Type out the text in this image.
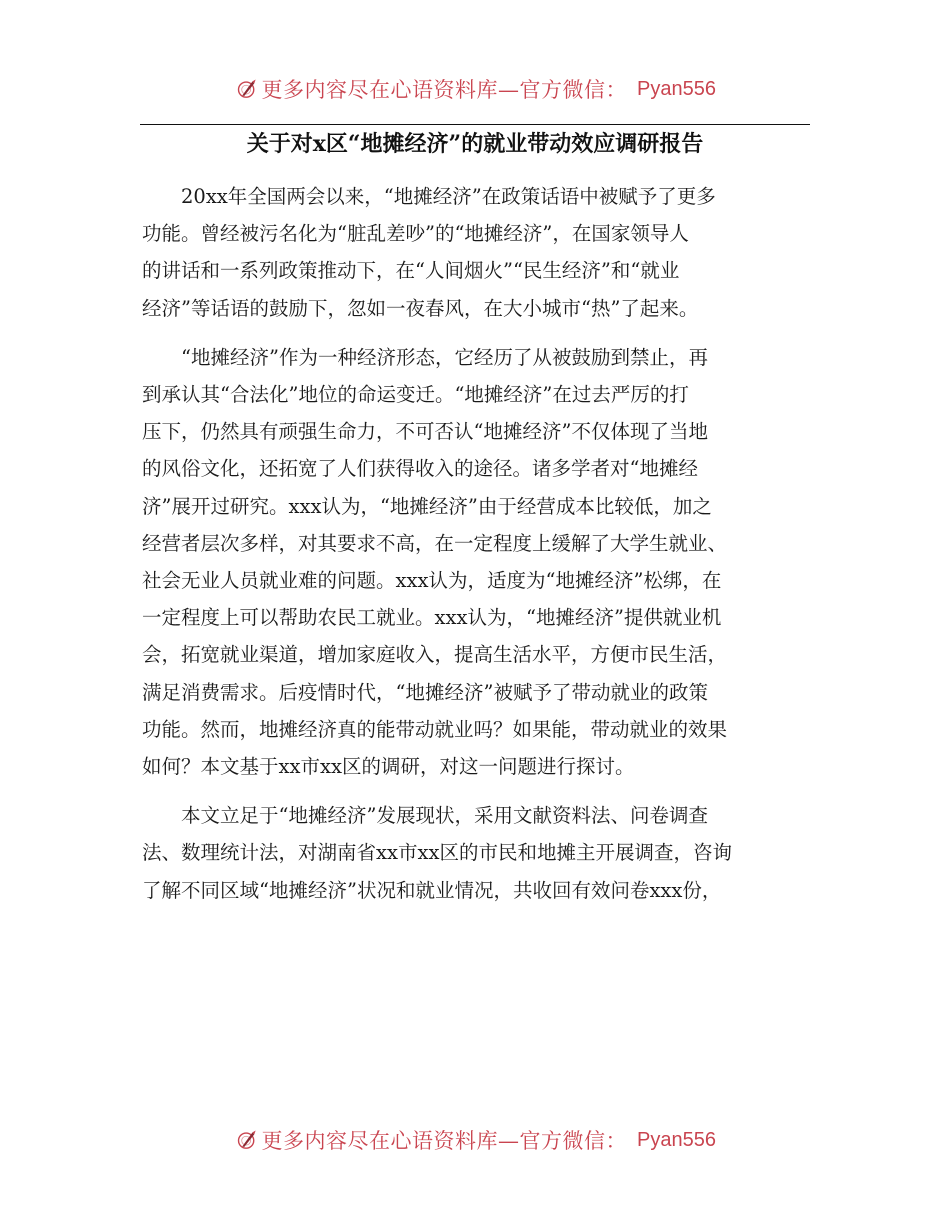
更多内容尽在心语资料库—官方微信： Pyan556
关于对x区“地摊经济”的就业带动效应调研报告

　　20xx年全国两会以来，“地摊经济”在政策话语中被赋予了更多
功能。曾经被污名化为“脏乱差吵”的“地摊经济”，在国家领导人
的讲话和一系列政策推动下，在“人间烟火”“民生经济”和“就业
经济”等话语的鼓励下，忽如一夜春风，在大小城市“热”了起来。

　　“地摊经济”作为一种经济形态，它经历了从被鼓励到禁止，再
到承认其“合法化”地位的命运变迁。“地摊经济”在过去严厉的打
压下，仍然具有顽强生命力，不可否认“地摊经济”不仅体现了当地
的风俗文化，还拓宽了人们获得收入的途径。诸多学者对“地摊经
济”展开过研究。xxx认为，“地摊经济”由于经营成本比较低，加之
经营者层次多样，对其要求不高，在一定程度上缓解了大学生就业、
社会无业人员就业难的问题。xxx认为，适度为“地摊经济”松绑，在
一定程度上可以帮助农民工就业。xxx认为，“地摊经济”提供就业机
会，拓宽就业渠道，增加家庭收入，提高生活水平，方便市民生活，
满足消费需求。后疫情时代，“地摊经济”被赋予了带动就业的政策
功能。然而，地摊经济真的能带动就业吗？如果能，带动就业的效果
如何？本文基于xx市xx区的调研，对这一问题进行探讨。

　　本文立足于“地摊经济”发展现状，采用文献资料法、问卷调查
法、数理统计法，对湖南省xx市xx区的市民和地摊主开展调查，咨询
了解不同区域“地摊经济”状况和就业情况，共收回有效问卷xxx份，

更多内容尽在心语资料库—官方微信： Pyan556
